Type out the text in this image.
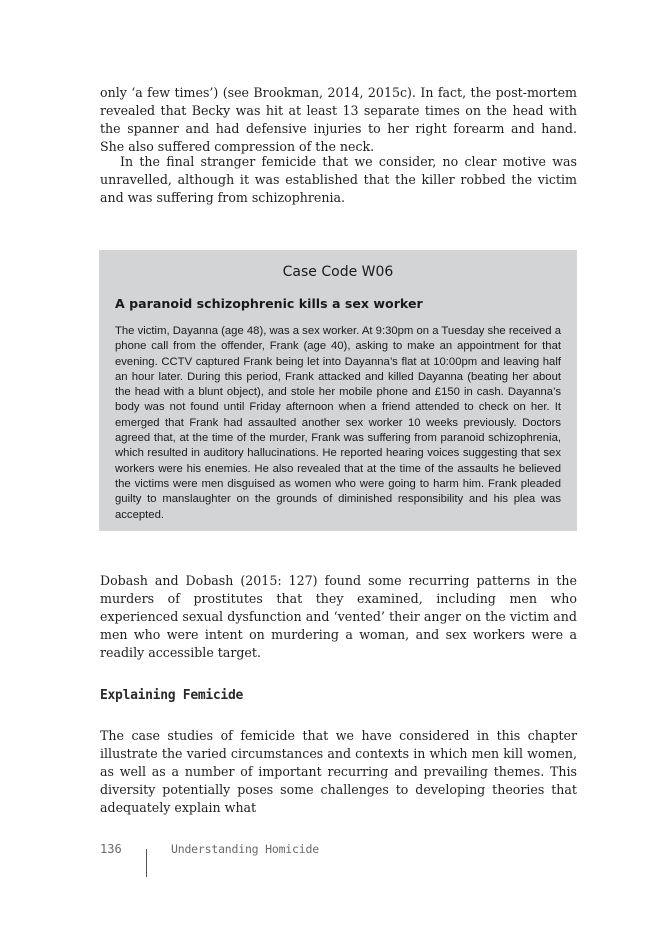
only ‘a few times’) (see Brookman, 2014, 2015c). In fact, the post-mortem revealed that Becky was hit at least 13 separate times on the head with the spanner and had defensive injuries to her right forearm and hand. She also suffered compression of the neck.

In the final stranger femicide that we consider, no clear motive was unravelled, although it was established that the killer robbed the victim and was suffering from schizophrenia.

Case Code W06
A paranoid schizophrenic kills a sex worker

The victim, Dayanna (age 48), was a sex worker. At 9:30pm on a Tuesday she received a phone call from the offender, Frank (age 40), asking to make an appointment for that evening. CCTV captured Frank being let into Dayanna’s flat at 10:00pm and leaving half an hour later. During this period, Frank attacked and killed Dayanna (beating her about the head with a blunt object), and stole her mobile phone and £150 in cash. Dayanna’s body was not found until Friday afternoon when a friend attended to check on her. It emerged that Frank had assaulted another sex worker 10 weeks previously. Doctors agreed that, at the time of the murder, Frank was suffering from paranoid schizophrenia, which resulted in auditory hallucinations. He reported hearing voices suggesting that sex workers were his enemies. He also revealed that at the time of the assaults he believed the victims were men disguised as women who were going to harm him. Frank pleaded guilty to manslaughter on the grounds of diminished responsibility and his plea was accepted.

Dobash and Dobash (2015: 127) found some recurring patterns in the murders of prostitutes that they examined, including men who experienced sexual dysfunction and ‘vented’ their anger on the victim and men who were intent on murdering a woman, and sex workers were a readily accessible target.

Explaining Femicide

The case studies of femicide that we have considered in this chapter illustrate the varied circumstances and contexts in which men kill women, as well as a number of important recurring and prevailing themes. This diversity potentially poses some challenges to developing theories that adequately explain what

136	Understanding Homicide
